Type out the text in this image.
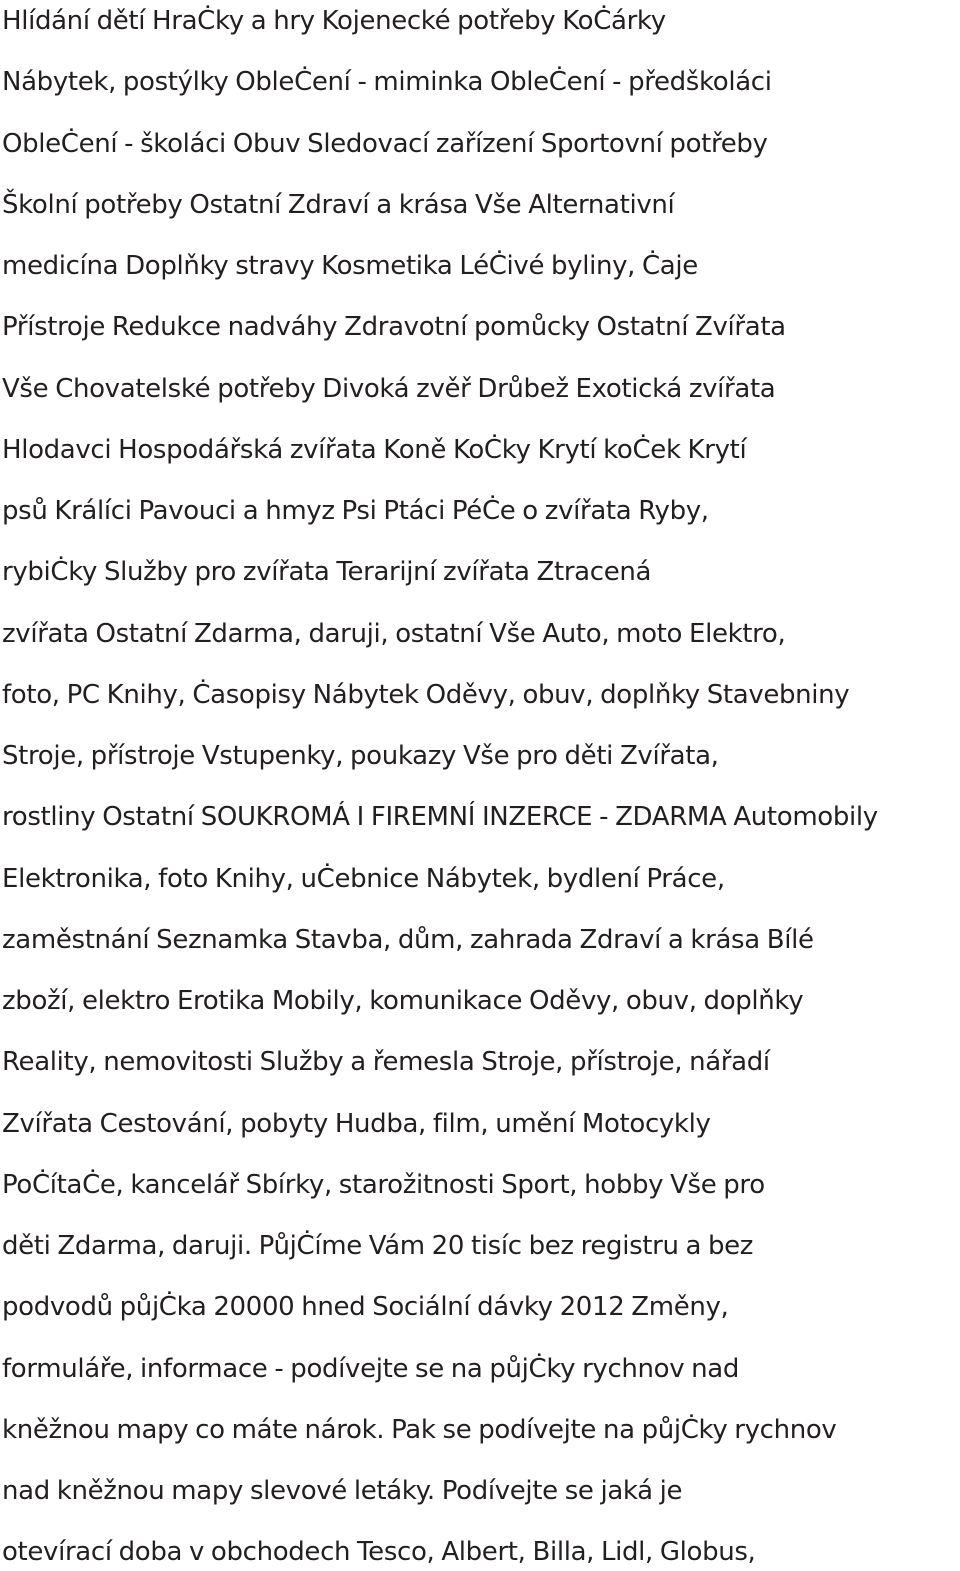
Hlídání dětí HraĊky a hry Kojenecké potřeby KoĊárky
Nábytek, postýlky ObleĊení - miminka ObleĊení - předškoláci
ObleĊení - školáci Obuv Sledovací zařízení Sportovní potřeby
Školní potřeby Ostatní Zdraví a krása Vše Alternativní
medicína Doplňky stravy Kosmetika LéĊivé byliny, Ċaje
Přístroje Redukce nadváhy Zdravotní pomůcky Ostatní Zvířata
Vše Chovatelské potřeby Divoká zvěř Drůbež Exotická zvířata
Hlodavci Hospodářská zvířata Koně KoĊky Krytí koĊek Krytí
psů Králíci Pavouci a hmyz Psi Ptáci PéĊe o zvířata Ryby,
rybiĊky Služby pro zvířata Terarijní zvířata Ztracená
zvířata Ostatní Zdarma, daruji, ostatní Vše Auto, moto Elektro,
foto, PC Knihy, Ċasopisy Nábytek Oděvy, obuv, doplňky Stavebniny
Stroje, přístroje Vstupenky, poukazy Vše pro děti Zvířata,
rostliny Ostatní SOUKROMÁ I FIREMNÍ INZERCE - ZDARMA Automobily
Elektronika, foto Knihy, uĊebnice Nábytek, bydlení Práce,
zaměstnání Seznamka Stavba, dům, zahrada Zdraví a krása Bílé
zboží, elektro Erotika Mobily, komunikace Oděvy, obuv, doplňky
Reality, nemovitosti Služby a řemesla Stroje, přístroje, nářadí
Zvířata Cestování, pobyty Hudba, film, umění Motocykly
PoĊítaĊe, kancelář Sbírky, starožitnosti Sport, hobby Vše pro
děti Zdarma, daruji. PůjĊíme Vám 20 tisíc bez registru a bez
podvodů půjĊka 20000 hned Sociální dávky 2012 Změny,
formuláře, informace - podívejte se na půjĊky rychnov nad
kněžnou mapy co máte nárok. Pak se podívejte na půjĊky rychnov
nad kněžnou mapy slevové letáky. Podívejte se jaká je
otevírací doba v obchodech Tesco, Albert, Billa, Lidl, Globus,
